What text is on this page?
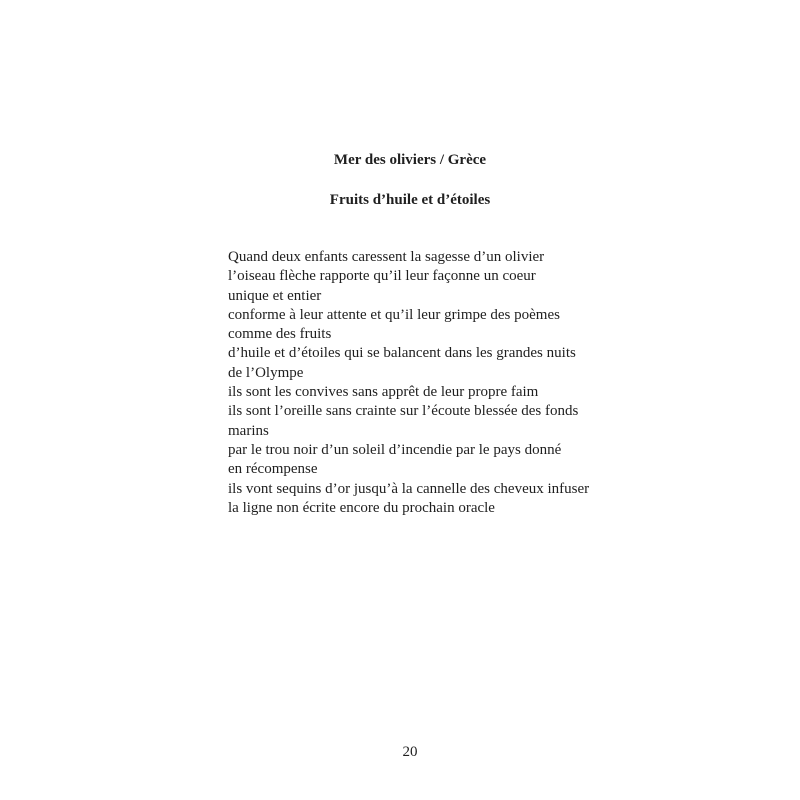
Mer des oliviers / Grèce
Fruits d’huile et d’étoiles
Quand deux enfants caressent la sagesse d’un olivier
l’oiseau flèche rapporte qu’il leur façonne un coeur
unique et entier
conforme à leur attente et qu’il leur grimpe des poèmes
comme des fruits
d’huile et d’étoiles qui se balancent dans les grandes nuits
de l’Olympe
ils sont les convives sans apprêt de leur propre faim
ils sont l’oreille sans crainte sur l’écoute blessée des fonds
marins
par le trou noir d’un soleil d’incendie par le pays donné
en récompense
ils vont sequins d’or jusqu’à la cannelle des cheveux infuser
la ligne non écrite encore du prochain oracle
20
